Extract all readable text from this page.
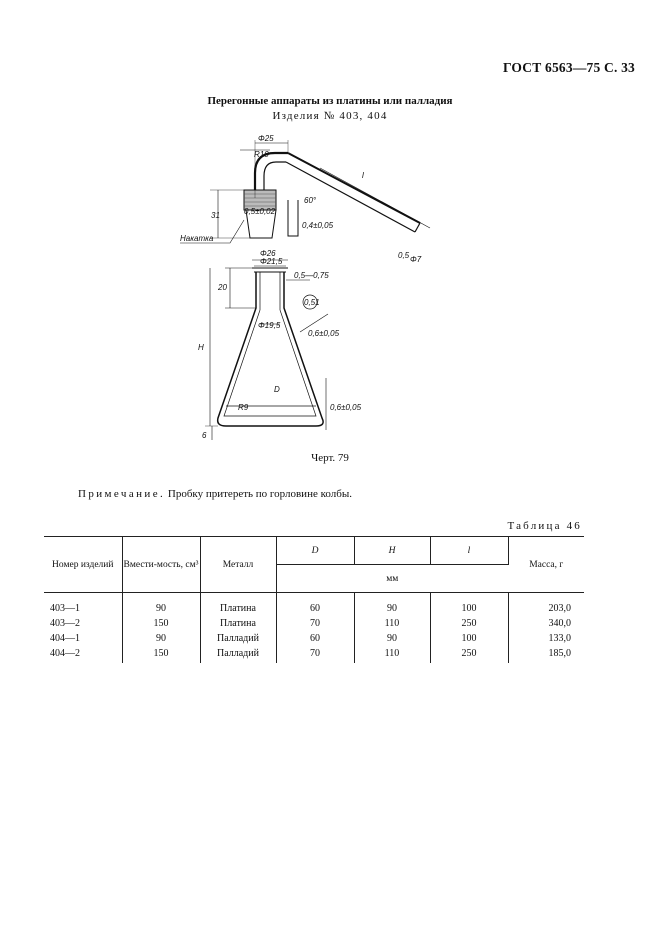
ГОСТ 6563—75 С. 33
Перегонные аппараты из платины или палладия
Изделия № 403, 404
Φ25
R10
l
0,5±0,02
31
60°
0,4±0,05
Накатка
0,5 Φ7
Φ26
Φ21,5
20
0,5—0,75
0,51
Φ19,5
0,6±0,05
H
D
0,6±0,05
R9
6
Черт. 79
Примечание. Пробку притереть по горловине колбы.
Таблица 46
Номер изделий	Вмести-мость, см³	Металл	D	H	l	Масса, г
			мм			
403—1	90	Платина	60	90	100	203,0
403—2	150	Платина	70	110	250	340,0
404—1	90	Палладий	60	90	100	133,0
404—2	150	Палладий	70	110	250	185,0
